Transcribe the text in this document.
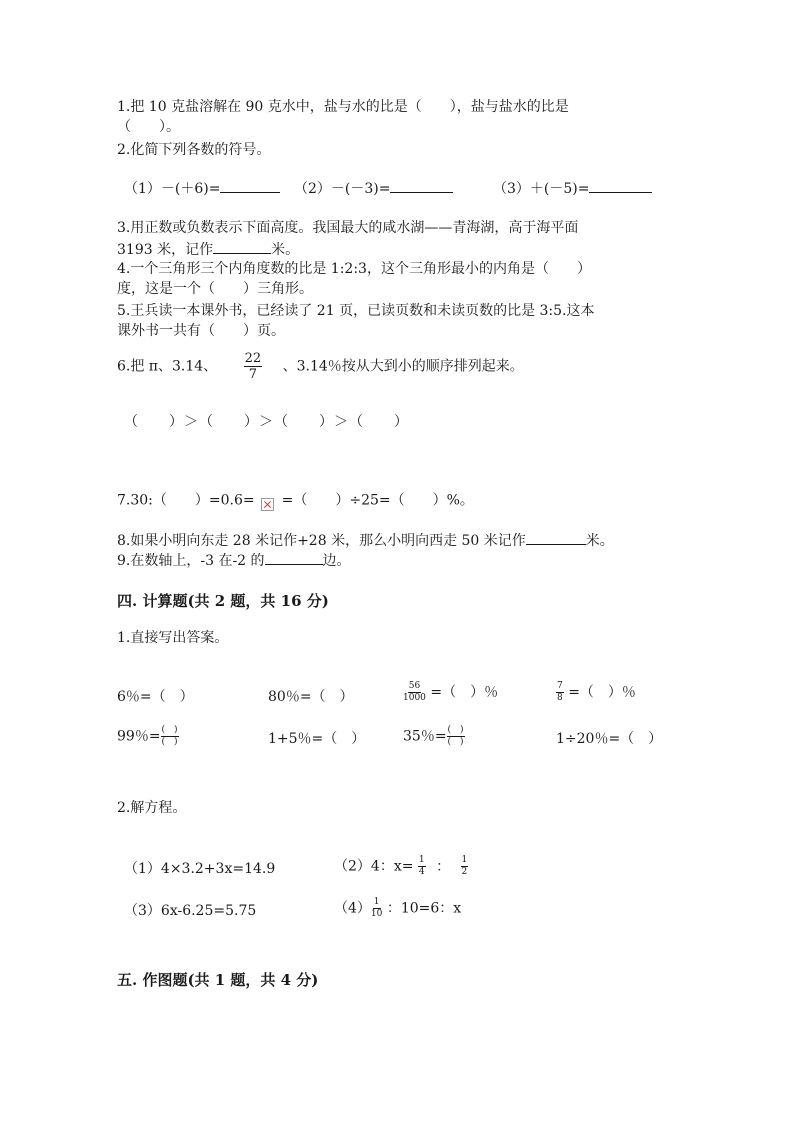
1.把 10 克盐溶解在 90 克水中，盐与水的比是（　　），盐与盐水的比是
（　　）。
2.化简下列各数的符号。
（1）－(＋6)=	（2）－(－3)=	（3）＋(－5)=
3.用正数或负数表示下面高度。我国最大的咸水湖——青海湖，高于海平面
3193 米，记作	米。
4.一个三角形三个内角度数的比是 1:2:3，这个三角形最小的内角是（　　）
度，这是一个（　　）三角形。
5.王兵读一本课外书，已经读了 21 页，已读页数和未读页数的比是 3:5.这本
课外书一共有（　　）页。
6.把 π、3.14、 $\frac{22}{7}$ 、3.14％按从大到小的顺序排列起来。
（　　）＞（　　）＞（　　）＞（　　）
7.30:（　　）=0.6= =（　　）÷25=（　　）%。
8.如果小明向东走 28 米记作+28 米，那么小明向西走 50 米记作	米。
9.在数轴上，-3 在-2 的	边。
四. 计算题(共 2 题，共 16 分)
1.直接写出答案。
6％=（　）	80％=（　）	$\frac{56}{1000}$ =（　）％	$\frac{7}{8}$ =（　）％
99％= $\frac{( )}{( )}$	1+5％=（　）	35％= $\frac{( )}{( )}$	1÷20％=（　）
2.解方程。
（1）4×3.2+3x=14.9	（2）4：$x= \frac{1}{4}$ ： $\frac{1}{2}$
（3）6x-6.25=5.75	$(4) \frac{1}{10}$ ：10=6：x
五. 作图题(共 1 题，共 4 分)
